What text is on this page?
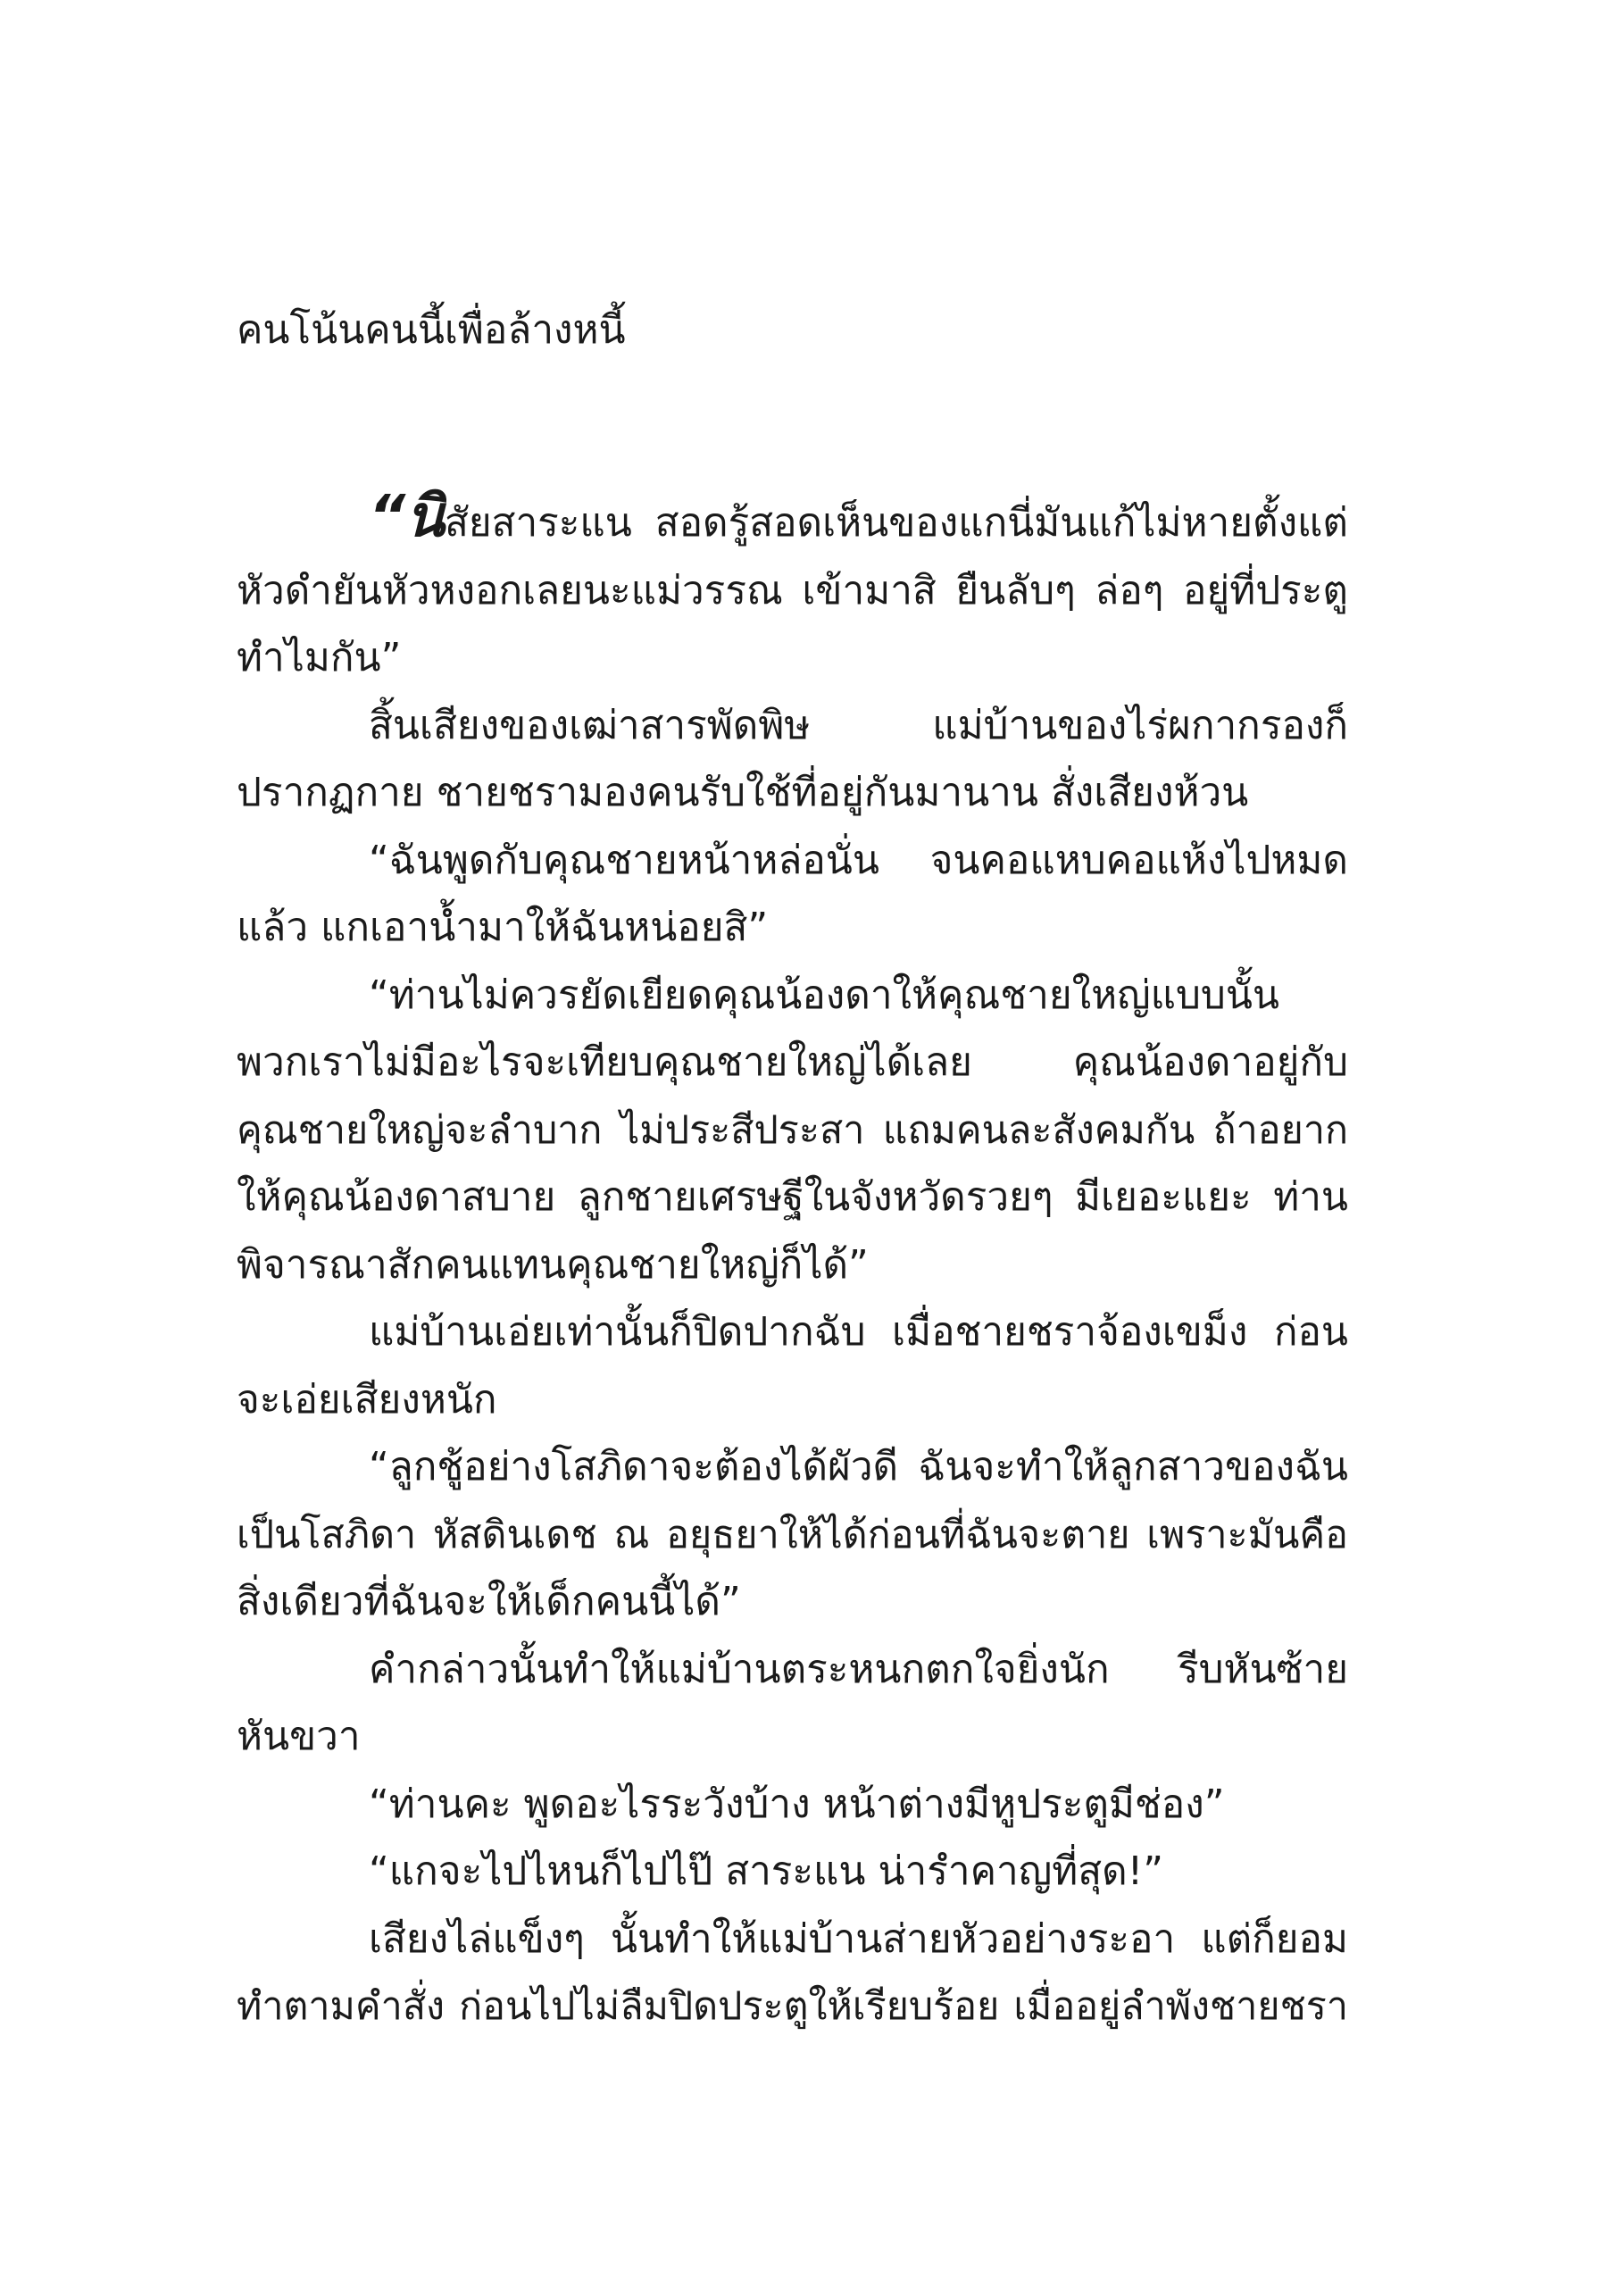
คนโน้นคนนี้เพื่อล้างหนี้
“นิสัยสาระแน สอดรู้สอดเห็นของแกนี่มันแก้ไม่หายตั้งแต่
หัวดำยันหัวหงอกเลยนะแม่วรรณ เข้ามาสิ ยืนลับๆ ล่อๆ อยู่ที่ประตู
ทำไมกัน”
สิ้นเสียงของเฒ่าสารพัดพิษ แม่บ้านของไร่ผกากรองก็
ปรากฏกาย ชายชรามองคนรับใช้ที่อยู่กันมานาน สั่งเสียงห้วน
“ฉันพูดกับคุณชายหน้าหล่อนั่น จนคอแหบคอแห้งไปหมด
แล้ว แกเอาน้ำมาให้ฉันหน่อยสิ”
“ท่านไม่ควรยัดเยียดคุณน้องดาให้คุณชายใหญ่แบบนั้น
พวกเราไม่มีอะไรจะเทียบคุณชายใหญ่ได้เลย คุณน้องดาอยู่กับ
คุณชายใหญ่จะลำบาก ไม่ประสีประสา แถมคนละสังคมกัน ถ้าอยาก
ให้คุณน้องดาสบาย ลูกชายเศรษฐีในจังหวัดรวยๆ มีเยอะแยะ ท่าน
พิจารณาสักคนแทนคุณชายใหญ่ก็ได้”
แม่บ้านเอ่ยเท่านั้นก็ปิดปากฉับ เมื่อชายชราจ้องเขม็ง ก่อน
จะเอ่ยเสียงหนัก
“ลูกชู้อย่างโสภิดาจะต้องได้ผัวดี ฉันจะทำให้ลูกสาวของฉัน
เป็นโสภิดา หัสดินเดช ณ อยุธยาให้ได้ก่อนที่ฉันจะตาย เพราะมันคือ
สิ่งเดียวที่ฉันจะให้เด็กคนนี้ได้”
คำกล่าวนั้นทำให้แม่บ้านตระหนกตกใจยิ่งนัก รีบหันซ้าย
หันขวา
“ท่านคะ พูดอะไรระวังบ้าง หน้าต่างมีหูประตูมีช่อง”
“แกจะไปไหนก็ไปไป๊ สาระแน น่ารำคาญที่สุด!”
เสียงไล่แข็งๆ นั้นทำให้แม่บ้านส่ายหัวอย่างระอา แต่ก็ยอม
ทำตามคำสั่ง ก่อนไปไม่ลืมปิดประตูให้เรียบร้อย เมื่ออยู่ลำพังชายชรา
